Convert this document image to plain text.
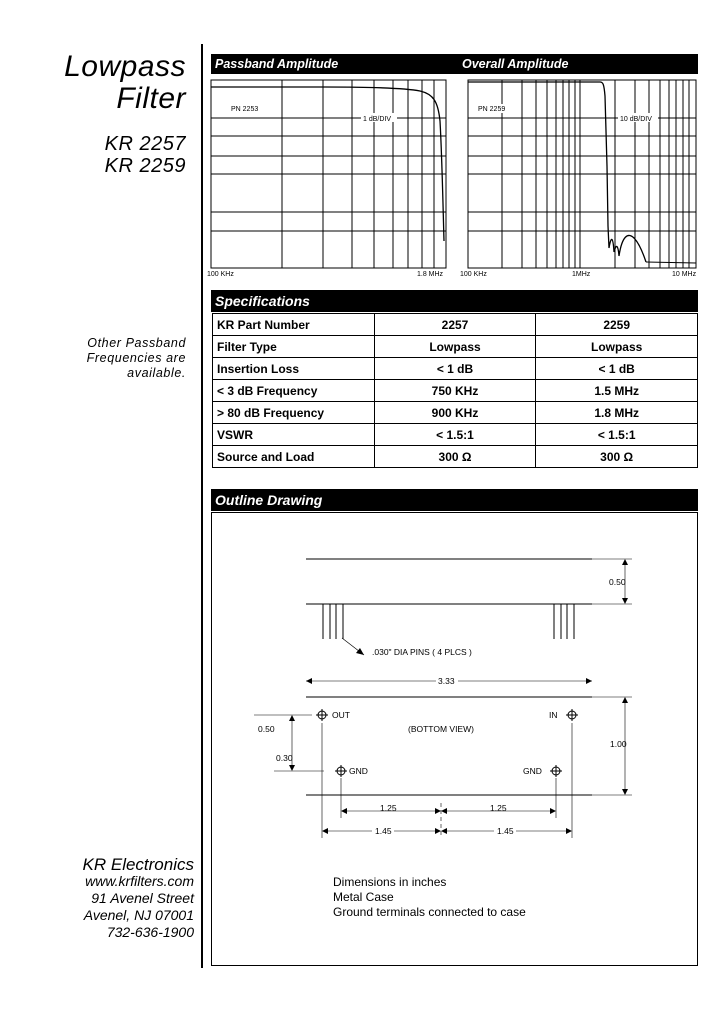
Lowpass
Filter
KR 2257
KR 2259
Other Passband
Frequencies are
available.
Passband Amplitude	Overall Amplitude
PN 2253
1 dB/DIV
100 KHz	1.8 MHz
PN 2259
10 dB/DIV
100 KHz	1MHz	10 MHz
Specifications
KR Part Number	2257	2259
Filter Type	Lowpass	Lowpass
Insertion Loss	< 1 dB	< 1 dB
< 3 dB Frequency	750 KHz	1.5 MHz
> 80 dB Frequency	900 KHz	1.8 MHz
VSWR	< 1.5:1	< 1.5:1
Source and Load	300 Ω	300 Ω
Outline Drawing
0.50
.030" DIA PINS ( 4 PLCS )
3.33
OUT
(BOTTOM VIEW)
IN
GND	GND
0.50
0.30
1.00
1.25	1.25
1.45	1.45
Dimensions in inches
Metal Case
Ground terminals connected to case
KR Electronics
www.krfilters.com
91 Avenel Street
Avenel, NJ 07001
732-636-1900
